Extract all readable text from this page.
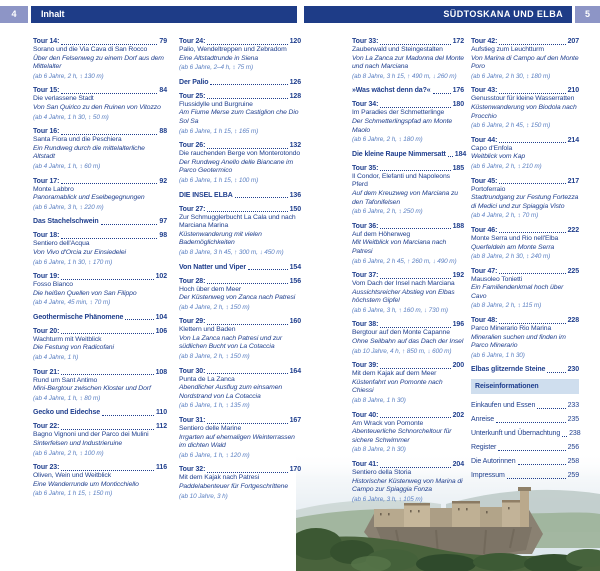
4	Inhalt	SÜDTOSKANA UND ELBA	5
Tour 14:	79
Sorano und die Via Cava di San Rocco
Über den Felsenweg zu einem Dorf aus dem Mittelalter
(ab 6 Jahre, 2 h, ↕ 130 m)
Tour 15:	84
Die verlassene Stadt
Von San Quirico zu den Ruinen von Vitozzo
(ab 4 Jahre, 1 h 30, ↕ 50 m)
Tour 16:	88
Santa Fiora und die Peschiera
Ein Rundweg durch die mittelalterliche Altstadt
(ab 4 Jahre, 1 h, ↕ 60 m)
Tour 17:	92
Monte Labbro
Panoramablick und Eselbegegnungen
(ab 6 Jahre, 3 h, ↕ 220 m)
Das Stachelschwein	97
Tour 18:	98
Sentiero dell'Acqua
Von Vivo d'Orcia zur Einsiedelei
(ab 6 Jahre, 1 h 30, ↕ 170 m)
Tour 19:	102
Fosso Bianco
Die heißen Quellen von San Filippo
(ab 4 Jahre, 45 min, ↕ 70 m)
Geothermische Phänomene	104
Tour 20:	106
Wachturm mit Weitblick
Die Festung von Radicofani
(ab 4 Jahre, 1 h)
Tour 21:	108
Rund um Sant Antimo
Mini-Bergtour zwischen Kloster und Dorf
(ab 4 Jahre, 1 h, ↕ 80 m)
Gecko und Eidechse	110
Tour 22:	112
Bagno Vignoni und der Parco dei Mulini
Sinterfelsen und Industrieruine
(ab 6 Jahre, 2 h, ↕ 100 m)
Tour 23:	116
Oliven, Wein und Weitblick
Eine Wanderrunde um Monticchiello
(ab 6 Jahre, 1 h 15, ↕ 150 m)
Tour 24:	120
Palio, Wendeltreppen und Zebradom
Eine Altstadtrunde in Siena
(ab 6 Jahre, 2–4 h, ↕ 75 m)
Der Palio	126
Tour 25:	128
Flussidylle und Burgruine
Am Fiume Merse zum Castiglion che Dio Sol Sa
(ab 6 Jahre, 1 h 15, ↕ 165 m)
Tour 26:	132
Die rauchenden Berge von Monterotondo
Der Rundweg Anello delle Biancane im Parco Geotermico
(ab 6 Jahre, 1 h 15, ↕ 100 m)
DIE INSEL ELBA	136
Tour 27:	150
Zur Schmugglerbucht La Cala und nach Marciana Marina
Küstenwanderung mit vielen Bademöglichkeiten
(ab 8 Jahre, 3 h 45, ↑ 300 m, ↓ 450 m)
Von Natter und Viper	154
Tour 28:	156
Hoch über dem Meer
Der Küstenweg von Zanca nach Patresi
(ab 4 Jahre, 2 h, ↕ 150 m)
Tour 29:	160
Klettern und Baden
Von La Zanca nach Patresi und zur südlichen Bucht von La Cotaccia
(ab 8 Jahre, 2 h, ↕ 150 m)
Tour 30:	164
Punta de La Zanca
Abendlicher Ausflug zum einsamen Nordstrand von La Cotaccia
(ab 6 Jahre, 1 h, ↕ 135 m)
Tour 31:	167
Sentiero delle Marine
Irrgarten auf ehemaligen Weinterrassen im dichten Wald
(ab 6 Jahre, 1 h, ↕ 120 m)
Tour 32:	170
Mit dem Kajak nach Patresi
Paddelabenteuer für Fortgeschrittene
(ab 10 Jahre, 3 h)
Tour 33:	172
Zauberwald und Steingestalten
Von La Zanca zur Madonna del Monte und nach Marciana
(ab 8 Jahre, 3 h 15, ↑ 490 m, ↓ 260 m)
»Was wächst denn da?«	176
Tour 34:	180
Im Paradies der Schmetterlinge
Der Schmetterlingspfad am Monte Maolo
(ab 6 Jahre, 2 h, ↕ 180 m)
Die kleine Raupe Nimmersatt 184
Tour 35:	185
Il Condor, Elefanti und Napoleons Pferd
Auf dem Kreuzweg von Marciana zu den Tafonifelsen
(ab 6 Jahre, 2 h, ↕ 250 m)
Tour 36:	188
Auf dem Höhenweg
Mit Weitblick von Marciana nach Patresi
(ab 6 Jahre, 2 h 45, ↑ 260 m, ↓ 490 m)
Tour 37:	192
Vom Dach der Insel nach Marciana
Aussichtsreicher Abstieg von Elbas höchstem Gipfel
(ab 6 Jahre, 3 h, ↑ 160 m, ↓ 730 m)
Tour 38:	196
Bergtour auf den Monte Capanne
Ohne Seilbahn auf das Dach der Insel
(ab 10 Jahre, 4 h, ↑ 850 m, ↓ 600 m)
Tour 39:	200
Mit dem Kajak auf dem Meer
Küstenfahrt von Pomonte nach Chiessi
(ab 8 Jahre, 1 h 30)
Tour 40:	202
Am Wrack von Pomonte
Abenteuerliche Schnorcheltour für sichere Schwimmer
(ab 8 Jahre, 2 h 30)
Tour 41:	204
Sentiero della Storia
Historischer Küstenweg von Marina di Campo zur Spiaggia Fonza
(ab 6 Jahre, 3 h, ↕ 105 m)
Tour 42:	207
Aufstieg zum Leuchtturm
Von Marina di Campo auf den Monte Poro
(ab 6 Jahre, 2 h 30, ↕ 180 m)
Tour 43:	210
Genusstour für kleine Wasserratten
Küstenwanderung von Biodola nach Procchio
(ab 6 Jahre, 2 h 45, ↕ 150 m)
Tour 44:	214
Capo d'Enfola
Weitblick vom Kap
(ab 6 Jahre, 2 h, ↕ 210 m)
Tour 45:	217
Portoferraio
Stadtrundgang zur Festung Fortezza di Medici und zur Spiaggia Visto
(ab 4 Jahre, 2 h, ↕ 70 m)
Tour 46:	222
Monte Serra und Rio nell'Elba
Querfeldein am Monte Serra
(ab 8 Jahre, 2 h 30, ↕ 240 m)
Tour 47:	225
Mausoleo Tonietti
Ein Familiendenkmal hoch über Cavo
(ab 8 Jahre, 2 h, ↕ 115 m)
Tour 48:	228
Parco Minerario Rio Marina
Mineralien suchen und finden im Parco Minerario
(ab 6 Jahre, 1 h 30)
Elbas glitzernde Steine	230
Reiseinformationen
Einkaufen und Essen	233
Anreise	235
Unterkunft und Übernachtung 238
Register	256
Die Autorinnen	258
Impressum	259
